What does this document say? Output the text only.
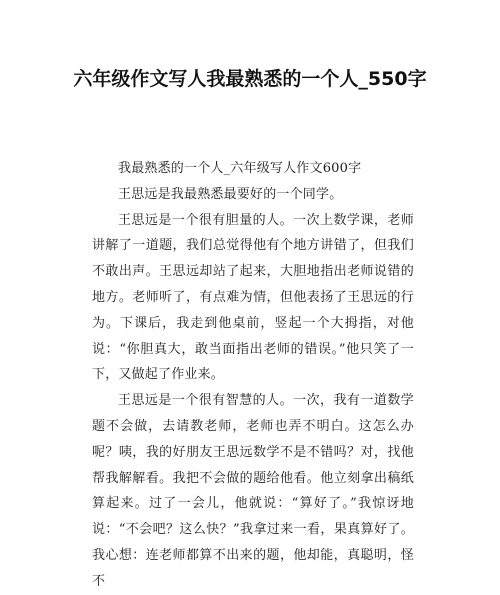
六年级作文写人我最熟悉的一个人_550字

我最熟悉的一个人_六年级写人作文600字

王思远是我最熟悉最要好的一个同学。

王思远是一个很有胆量的人。一次上数学课，老师讲解了一道题，我们总觉得他有个地方讲错了，但我们不敢出声。王思远却站了起来，大胆地指出老师说错的地方。老师听了，有点难为情，但他表扬了王思远的行为。下课后，我走到他桌前，竖起一个大拇指，对他说：“你胆真大，敢当面指出老师的错误。”他只笑了一下，又做起了作业来。

王思远是一个很有智慧的人。一次，我有一道数学题不会做，去请教老师，老师也弄不明白。这怎么办呢？咦，我的好朋友王思远数学不是不错吗？对，找他帮我解解看。我把不会做的题给他看。他立刻拿出稿纸算起来。过了一会儿，他就说：“算好了。”我惊讶地说：“不会吧？这么快？”我拿过来一看，果真算好了。我心想：连老师都算不出来的题，他却能，真聪明，怪不
